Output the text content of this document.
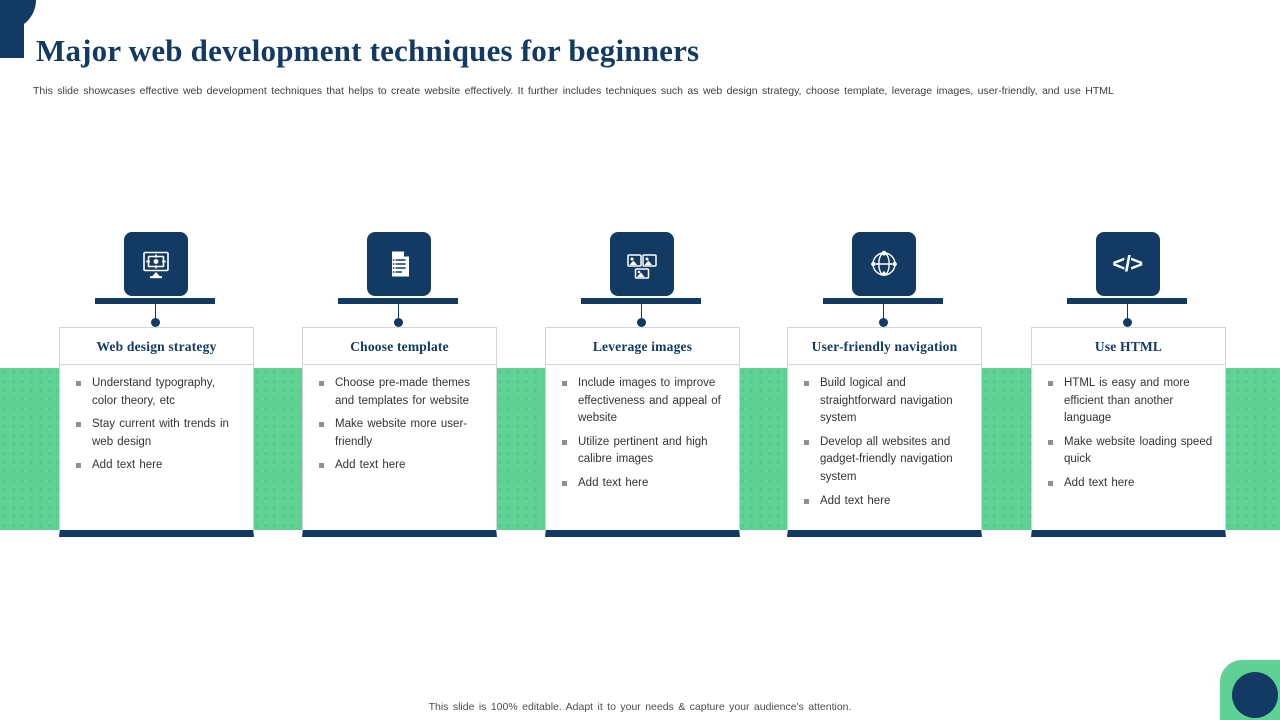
Major web development techniques for beginners
This slide showcases effective web development techniques that helps to create website effectively. It further includes techniques such as web design strategy, choose template, leverage images, user-friendly, and use HTML
Web design strategy
Understand typography, color theory, etc
Stay current with trends in web design
Add text here
Choose template
Choose pre-made themes and templates for website
Make website more user-friendly
Add text here
Leverage images
Include images to improve effectiveness and appeal of website
Utilize pertinent and high calibre images
Add text here
User-friendly navigation
Build logical and straightforward navigation system
Develop all websites and gadget-friendly navigation system
Add text here
</>
Use HTML
HTML is easy and more efficient than another language
Make website loading speed quick
Add text here
This slide is 100% editable. Adapt it to your needs & capture your audience's attention.
